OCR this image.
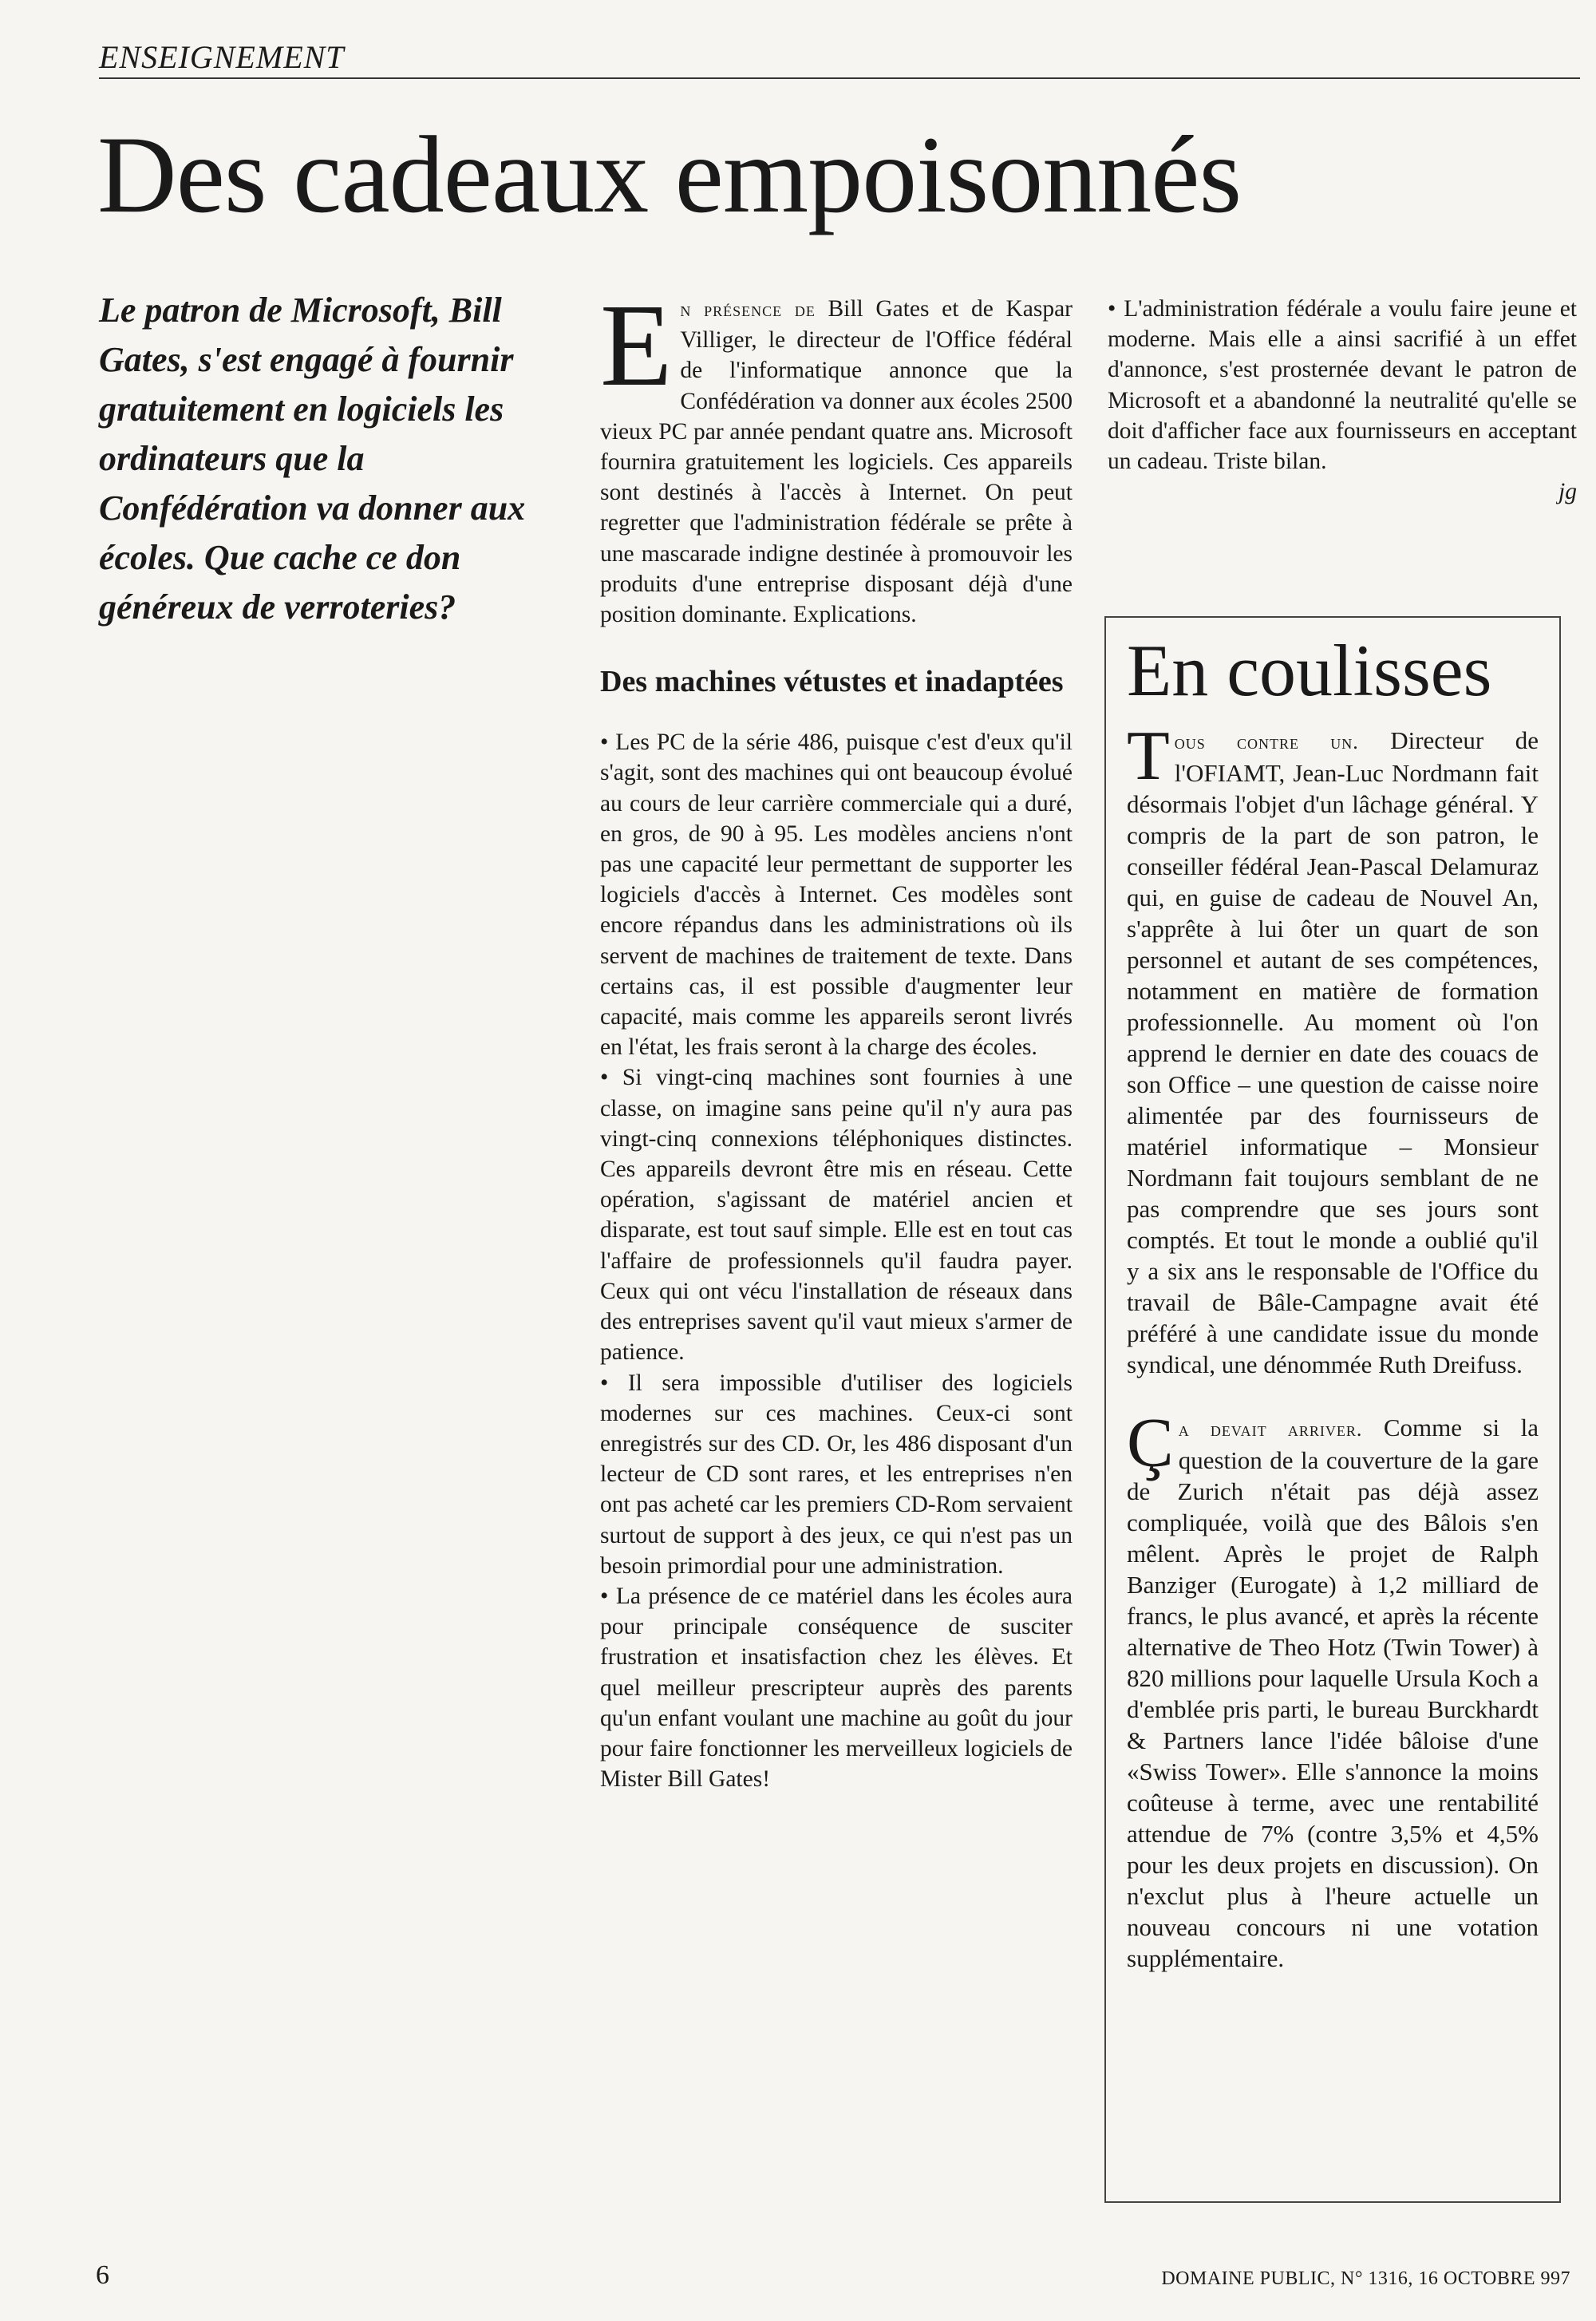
ENSEIGNEMENT
Des cadeaux empoisonnés

Le patron de Microsoft, Bill Gates, s'est engagé à fournir gratuitement en logiciels les ordinateurs que la Confédération va donner aux écoles. Que cache ce don généreux de verroteries?

En présence de Bill Gates et de Kaspar Villiger, le directeur de l'Office fédéral de l'informatique annonce que la Confédération va donner aux écoles 2500 vieux PC par année pendant quatre ans. Microsoft fournira gratuitement les logiciels. Ces appareils sont destinés à l'accès à Internet. On peut regretter que l'administration fédérale se prête à une mascarade indigne destinée à promouvoir les produits d'une entreprise disposant déjà d'une position dominante. Explications.

Des machines vétustes et inadaptées

• Les PC de la série 486, puisque c'est d'eux qu'il s'agit, sont des machines qui ont beaucoup évolué au cours de leur carrière commerciale qui a duré, en gros, de 90 à 95. Les modèles anciens n'ont pas une capacité leur permettant de supporter les logiciels d'accès à Internet. Ces modèles sont encore répandus dans les administrations où ils servent de machines de traitement de texte. Dans certains cas, il est possible d'augmenter leur capacité, mais comme les appareils seront livrés en l'état, les frais seront à la charge des écoles.

• Si vingt-cinq machines sont fournies à une classe, on imagine sans peine qu'il n'y aura pas vingt-cinq connexions téléphoniques distinctes. Ces appareils devront être mis en réseau. Cette opération, s'agissant de matériel ancien et disparate, est tout sauf simple. Elle est en tout cas l'affaire de professionnels qu'il faudra payer. Ceux qui ont vécu l'installation de réseaux dans des entreprises savent qu'il vaut mieux s'armer de patience.

• Il sera impossible d'utiliser des logiciels modernes sur ces machines. Ceux-ci sont enregistrés sur des CD. Or, les 486 disposant d'un lecteur de CD sont rares, et les entreprises n'en ont pas acheté car les premiers CD-Rom servaient surtout de support à des jeux, ce qui n'est pas un besoin primordial pour une administration.

• La présence de ce matériel dans les écoles aura pour principale conséquence de susciter frustration et insatisfaction chez les élèves. Et quel meilleur prescripteur auprès des parents qu'un enfant voulant une machine au goût du jour pour faire fonctionner les merveilleux logiciels de Mister Bill Gates!

• L'administration fédérale a voulu faire jeune et moderne. Mais elle a ainsi sacrifié à un effet d'annonce, s'est prosternée devant le patron de Microsoft et a abandonné la neutralité qu'elle se doit d'afficher face aux fournisseurs en acceptant un cadeau. Triste bilan.

jg

En coulisses

Tous contre un. Directeur de l'OFIAMT, Jean-Luc Nordmann fait désormais l'objet d'un lâchage général. Y compris de la part de son patron, le conseiller fédéral Jean-Pascal Delamuraz qui, en guise de cadeau de Nouvel An, s'apprête à lui ôter un quart de son personnel et autant de ses compétences, notamment en matière de formation professionnelle. Au moment où l'on apprend le dernier en date des couacs de son Office – une question de caisse noire alimentée par des fournisseurs de matériel informatique – Monsieur Nordmann fait toujours semblant de ne pas comprendre que ses jours sont comptés. Et tout le monde a oublié qu'il y a six ans le responsable de l'Office du travail de Bâle-Campagne avait été préféré à une candidate issue du monde syndical, une dénommée Ruth Dreifuss.

Ça devait arriver. Comme si la question de la couverture de la gare de Zurich n'était pas déjà assez compliquée, voilà que des Bâlois s'en mêlent. Après le projet de Ralph Banziger (Eurogate) à 1,2 milliard de francs, le plus avancé, et après la récente alternative de Theo Hotz (Twin Tower) à 820 millions pour laquelle Ursula Koch a d'emblée pris parti, le bureau Burckhardt & Partners lance l'idée bâloise d'une «Swiss Tower». Elle s'annonce la moins coûteuse à terme, avec une rentabilité attendue de 7% (contre 3,5% et 4,5% pour les deux projets en discussion). On n'exclut plus à l'heure actuelle un nouveau concours ni une votation supplémentaire.

6	DOMAINE PUBLIC, N° 1316, 16 OCTOBRE 997
